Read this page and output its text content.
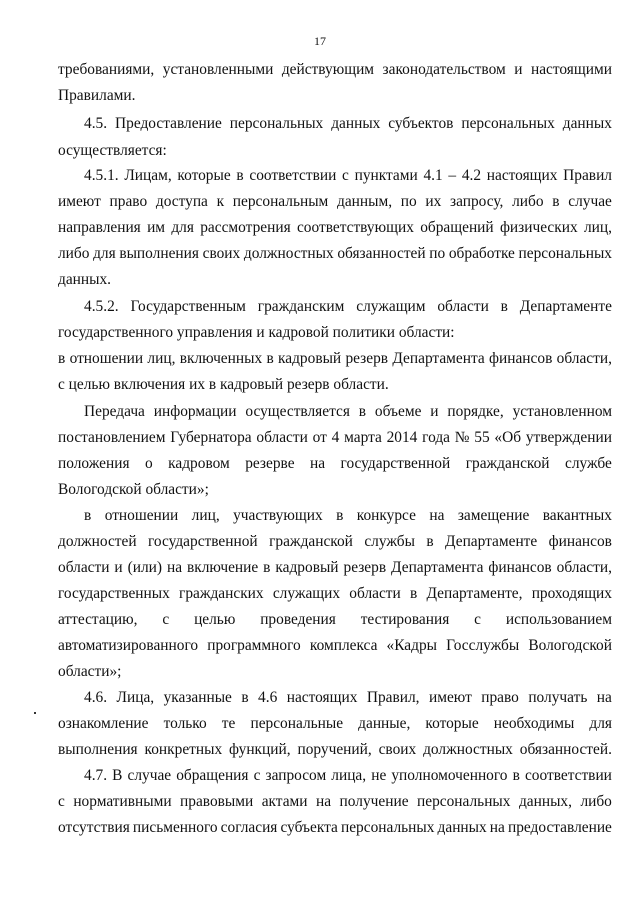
17
требованиями, установленными действующим законодательством и настоящими
Правилами.
4.5. Предоставление персональных данных субъектов персональных данных
осуществляется:
4.5.1. Лицам, которые в соответствии с пунктами 4.1 – 4.2 настоящих Правил
имеют право доступа к персональным данным, по их запросу, либо в случае
направления им для рассмотрения соответствующих обращений физических лиц,
либо для выполнения своих должностных обязанностей по обработке персональных
данных.
4.5.2. Государственным гражданским служащим области в Департаменте
государственного управления и кадровой политики области:
в отношении лиц, включенных в кадровый резерв Департамента финансов области,
с целью включения их в кадровый резерв области.
Передача информации осуществляется в объеме и порядке, установленном
постановлением Губернатора области от 4 марта 2014 года № 55 «Об утверждении
положения о кадровом резерве на государственной гражданской службе
Вологодской области»;
в отношении лиц, участвующих в конкурсе на замещение вакантных
должностей государственной гражданской службы в Департаменте финансов
области и (или) на включение в кадровый резерв Департамента финансов области,
государственных гражданских служащих области в Департаменте, проходящих
аттестацию, с целью проведения тестирования с использованием
автоматизированного программного комплекса «Кадры Госслужбы Вологодской
области»;
4.6. Лица, указанные в 4.6 настоящих Правил, имеют право получать на
ознакомление только те персональные данные, которые необходимы для
выполнения конкретных функций, поручений, своих должностных обязанностей.
4.7. В случае обращения с запросом лица, не уполномоченного в соответствии
с нормативными правовыми актами на получение персональных данных, либо
отсутствия письменного согласия субъекта персональных данных на предоставление
